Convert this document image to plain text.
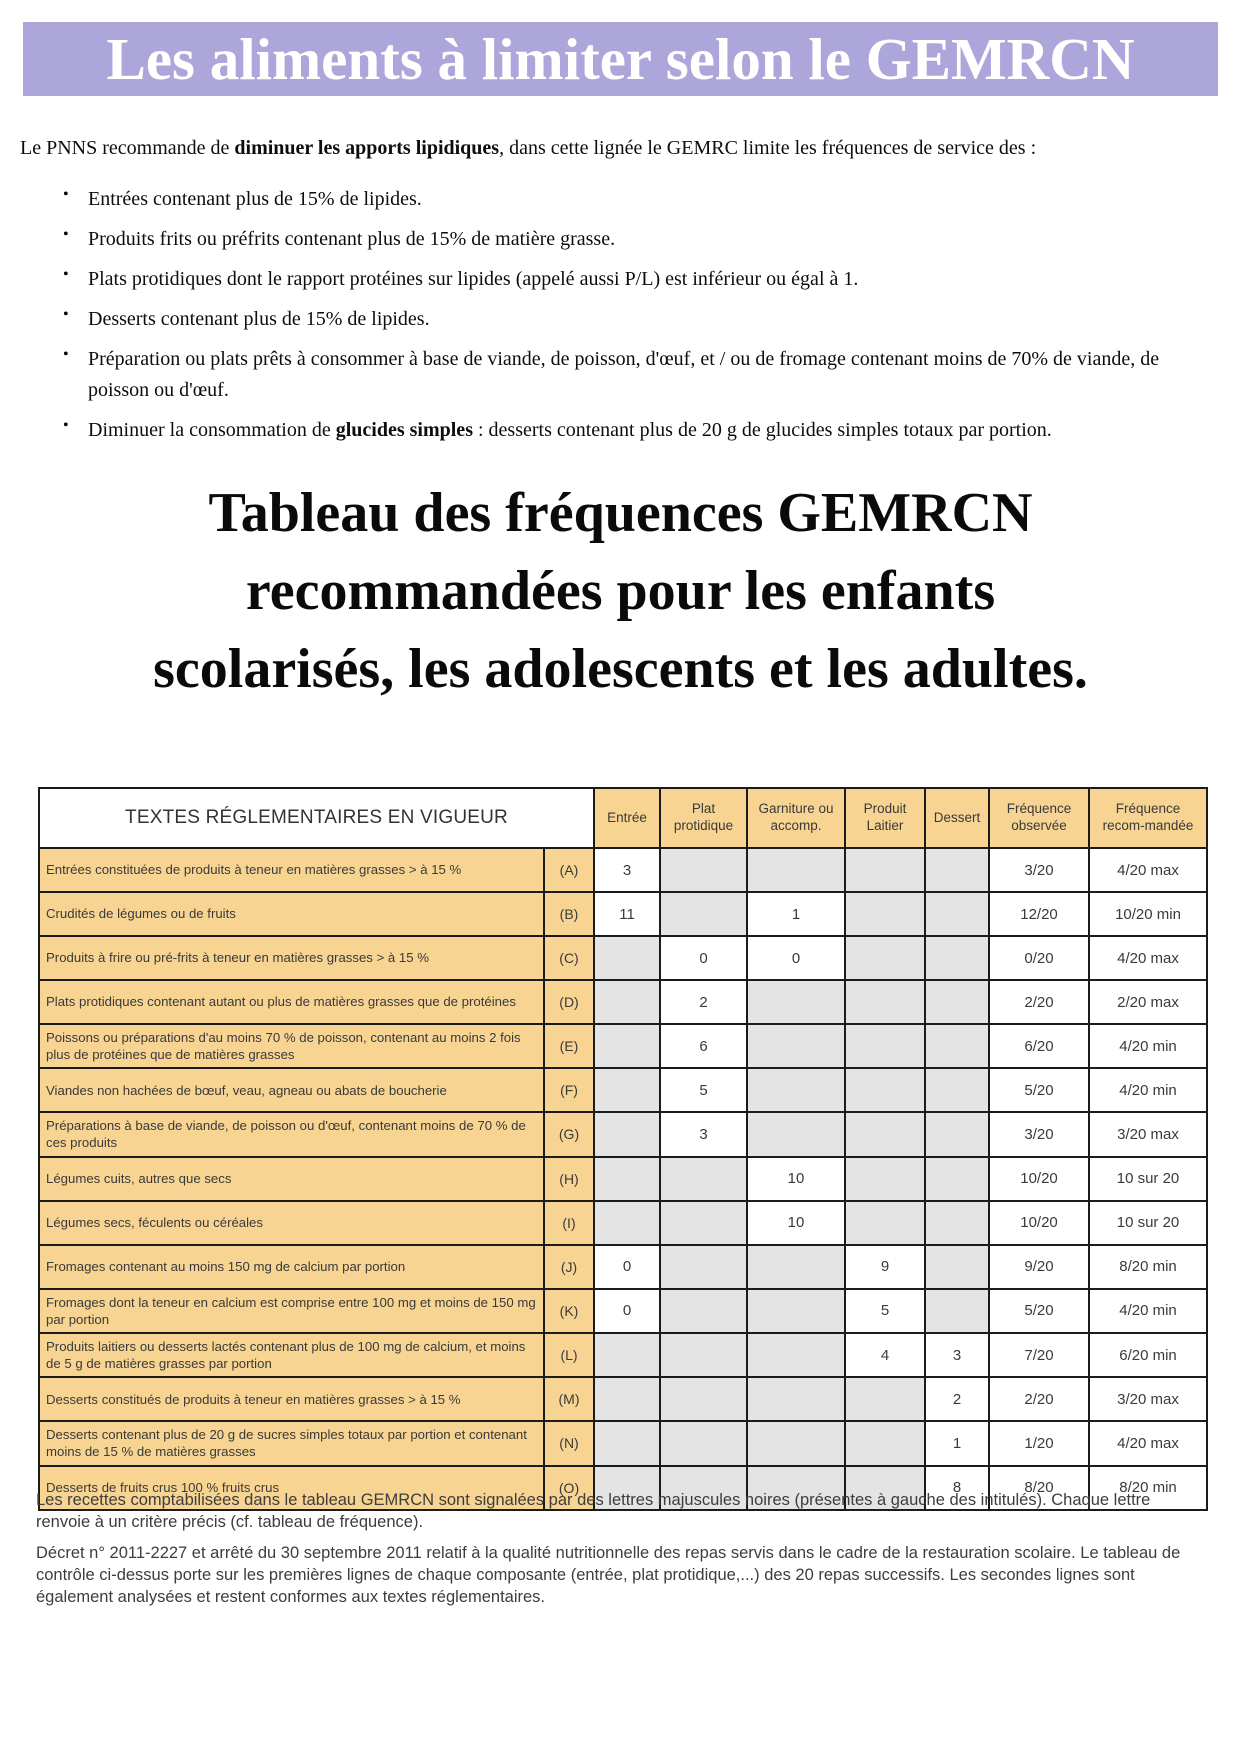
Les aliments à limiter selon le GEMRCN

Le PNNS recommande de diminuer les apports lipidiques, dans cette lignée le GEMRC limite les fréquences de service des :

• Entrées contenant plus de 15% de lipides.
• Produits frits ou préfrits contenant plus de 15% de matière grasse.
• Plats protidiques dont le rapport protéines sur lipides (appelé aussi P/L) est inférieur ou égal à 1.
• Desserts contenant plus de 15% de lipides.
• Préparation ou plats prêts à consommer à base de viande, de poisson, d'œuf, et / ou de fromage contenant moins de 70% de viande, de poisson ou d'œuf.
• Diminuer la consommation de glucides simples : desserts contenant plus de 20 g de glucides simples totaux par portion.
Tableau des fréquences GEMRCN
recommandées pour les enfants
scolarisés, les adolescents et les adultes.
TEXTES RÉGLEMENTAIRES EN VIGUEUR		Entrée	Plat protidique	Garniture ou accomp.	Produit Laitier	Dessert	Fréquence observée	Fréquence recom-mandée
Entrées constituées de produits à teneur en matières grasses > à 15 %	(A)	3					3/20	4/20 max
Crudités de légumes ou de fruits	(B)	11		1			12/20	10/20 min
Produits à frire ou pré-frits à teneur en matières grasses > à 15 %	(C)		0	0			0/20	4/20 max
Plats protidiques contenant autant ou plus de matières grasses que de protéines	(D)		2				2/20	2/20 max
Poissons ou préparations d'au moins 70 % de poisson, contenant au moins 2 fois plus de protéines que de matières grasses	(E)		6				6/20	4/20 min
Viandes non hachées de bœuf, veau, agneau ou abats de boucherie	(F)		5				5/20	4/20 min
Préparations à base de viande, de poisson ou d'œuf, contenant moins de 70 % de ces produits	(G)		3				3/20	3/20 max
Légumes cuits, autres que secs	(H)			10			10/20	10 sur 20
Légumes secs, féculents ou céréales	(I)			10			10/20	10 sur 20
Fromages contenant au moins 150 mg de calcium par portion	(J)	0			9		9/20	8/20 min
Fromages dont la teneur en calcium est comprise entre 100 mg et moins de 150 mg par portion	(K)	0			5		5/20	4/20 min
Produits laitiers ou desserts lactés contenant plus de 100 mg de calcium, et moins de 5 g de matières grasses par portion	(L)				4	3	7/20	6/20 min
Desserts constitués de produits à teneur en matières grasses > à 15 %	(M)					2	2/20	3/20 max
Desserts contenant plus de 20 g de sucres simples totaux par portion et contenant moins de 15 % de matières grasses	(N)					1	1/20	4/20 max
Desserts de fruits crus 100 % fruits crus	(O)					8	8/20	8/20 min

Les recettes comptabilisées dans le tableau GEMRCN sont signalées par des lettres majuscules noires (présentes à gauche des intitulés). Chaque lettre renvoie à un critère précis (cf. tableau de fréquence).

Décret n° 2011-2227 et arrêté du 30 septembre 2011 relatif à la qualité nutritionnelle des repas servis dans le cadre de la restauration scolaire. Le tableau de contrôle ci-dessus porte sur les premières lignes de chaque composante (entrée, plat protidique,...) des 20 repas successifs. Les secondes lignes sont également analysées et restent conformes aux textes réglementaires.
